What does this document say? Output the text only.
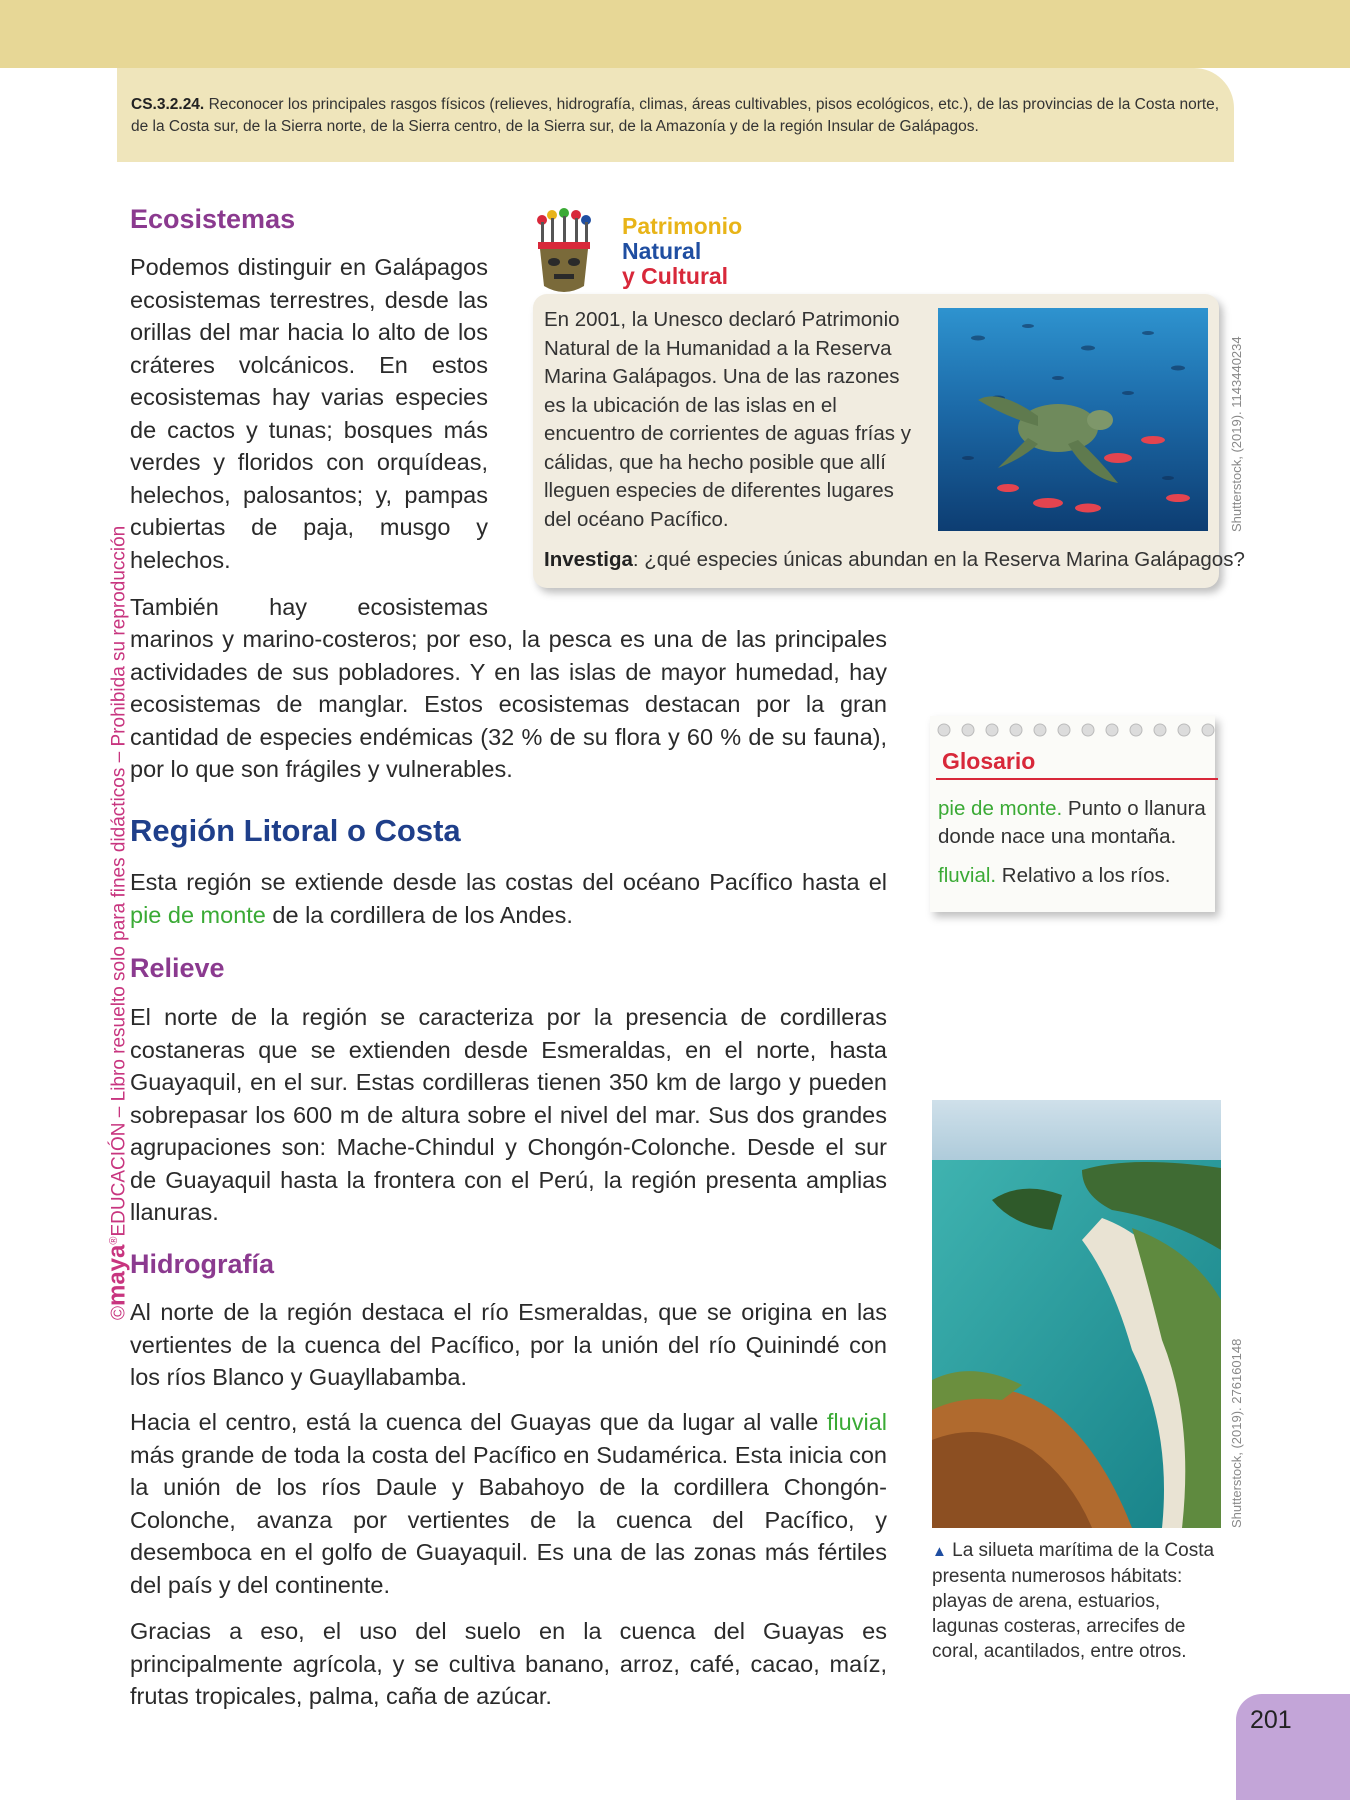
CS.3.2.24. Reconocer los principales rasgos físicos (relieves, hidrografía, climas, áreas cultivables, pisos ecológicos, etc.), de las provincias de la Costa norte, de la Costa sur, de la Sierra norte, de la Sierra centro, de la Sierra sur, de la Amazonía y de la región Insular de Galápagos.
©maya®EDUCACIÓN – Libro resuelto solo para fines didácticos – Prohibida su reproducción
Ecosistemas

Podemos distinguir en Galápagos ecosistemas terrestres, desde las orillas del mar hacia lo alto de los cráteres volcánicos. En estos ecosistemas hay varias especies de cactos y tunas; bosques más verdes y floridos con orquídeas, helechos, palosantos; y, pampas cubiertas de paja, musgo y helechos.

También hay ecosistemas

marinos y marino-costeros; por eso, la pesca es una de las principales actividades de sus pobladores. Y en las islas de mayor humedad, hay ecosistemas de manglar. Estos ecosistemas destacan por la gran cantidad de especies endémicas (32 % de su flora y 60 % de su fauna), por lo que son frágiles y vulnerables.

Patrimonio
Natural
y Cultural

En 2001, la Unesco declaró Patrimonio Natural de la Humanidad a la Reserva Marina Galápagos. Una de las razones es la ubicación de las islas en el encuentro de corrientes de aguas frías y cálidas, que ha hecho posible que allí lleguen especies de diferentes lugares del océano Pacífico.	Shutterstock, (2019). 1143440234

Investiga: ¿qué especies únicas abundan en la Reserva Marina Galápagos?

Glosario

pie de monte. Punto o llanura donde nace una montaña.

fluvial. Relativo a los ríos.

Región Litoral o Costa

Esta región se extiende desde las costas del océano Pacífico hasta el pie de monte de la cordillera de los Andes.

Relieve

El norte de la región se caracteriza por la presencia de cordilleras costaneras que se extienden desde Esmeraldas, en el norte, hasta Guayaquil, en el sur. Estas cordilleras tienen 350 km de largo y pueden sobrepasar los 600 m de altura sobre el nivel del mar. Sus dos grandes agrupaciones son: Mache-Chindul y Chongón-Colonche. Desde el sur de Guayaquil hasta la frontera con el Perú, la región presenta amplias llanuras.

Hidrografía

Al norte de la región destaca el río Esmeraldas, que se origina en las vertientes de la cuenca del Pacífico, por la unión del río Quinindé con los ríos Blanco y Guayllabamba.

Hacia el centro, está la cuenca del Guayas que da lugar al valle fluvial más grande de toda la costa del Pacífico en Sudamérica. Esta inicia con la unión de los ríos Daule y Babahoyo de la cordillera Chongón-Colonche, avanza por vertientes de la cuenca del Pacífico, y desemboca en el golfo de Guayaquil. Es una de las zonas más fértiles del país y del continente.

Gracias a eso, el uso del suelo en la cuenca del Guayas es principalmente agrícola, y se cultiva banano, arroz, café, cacao, maíz, frutas tropicales, palma, caña de azúcar.

Shutterstock, (2019). 276160148

▲ La silueta marítima de la Costa presenta numerosos hábitats: playas de arena, estuarios, lagunas costeras, arrecifes de coral, acantilados, entre otros.

201
